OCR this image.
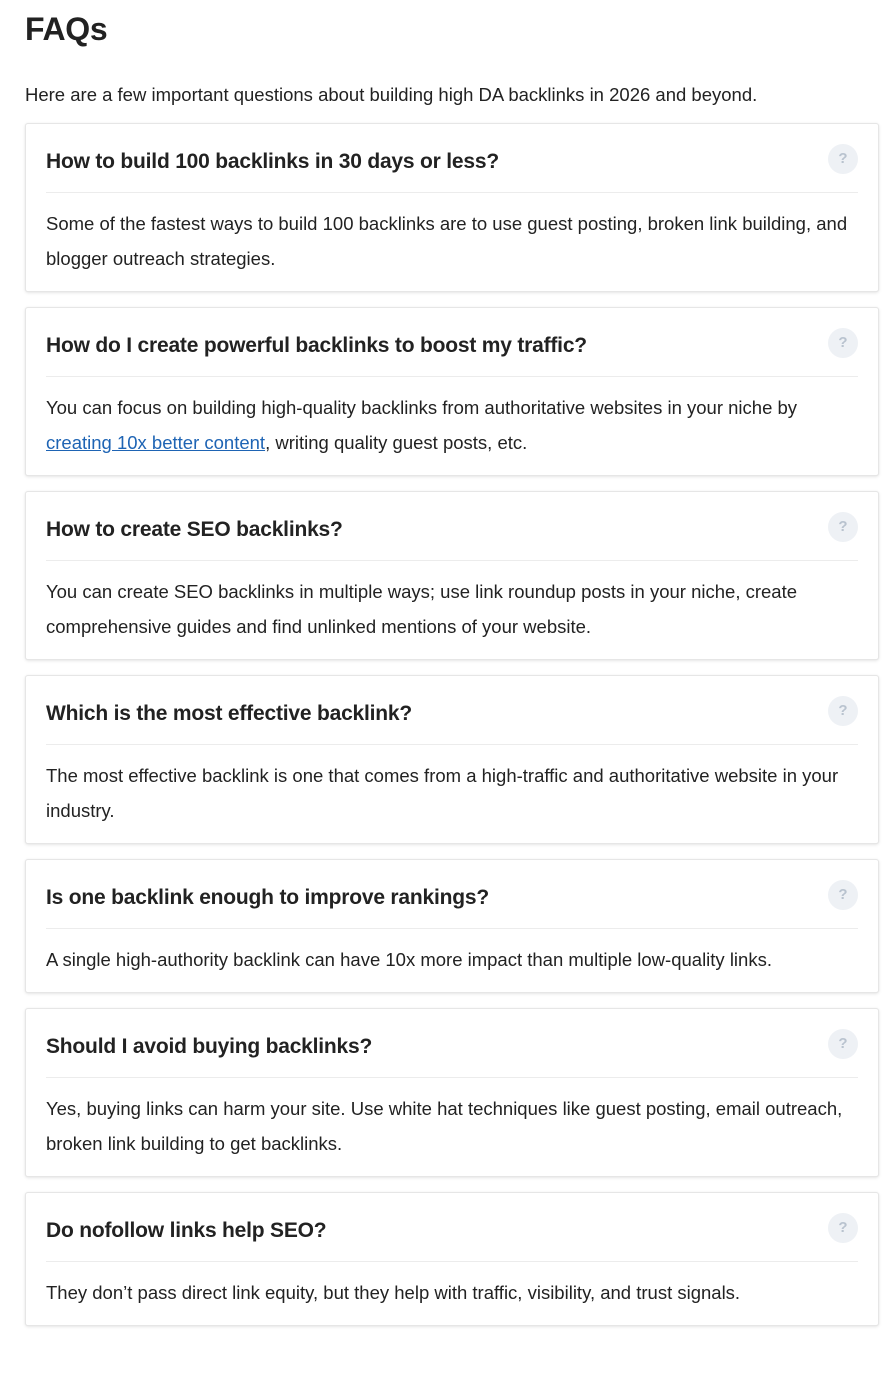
FAQs

Here are a few important questions about building high DA backlinks in 2026 and beyond.

How to build 100 backlinks in 30 days or less?	?
Some of the fastest ways to build 100 backlinks are to use guest posting, broken link building, and blogger outreach strategies.
How do I create powerful backlinks to boost my traffic?	?
You can focus on building high-quality backlinks from authoritative websites in your niche by creating 10x better content, writing quality guest posts, etc.
How to create SEO backlinks?	?
You can create SEO backlinks in multiple ways; use link roundup posts in your niche, create comprehensive guides and find unlinked mentions of your website.
Which is the most effective backlink?	?
The most effective backlink is one that comes from a high-traffic and authoritative website in your industry.
Is one backlink enough to improve rankings?	?
A single high-authority backlink can have 10x more impact than multiple low-quality links.
Should I avoid buying backlinks?	?
Yes, buying links can harm your site. Use white hat techniques like guest posting, email outreach, broken link building to get backlinks.
Do nofollow links help SEO?	?
They don’t pass direct link equity, but they help with traffic, visibility, and trust signals.
